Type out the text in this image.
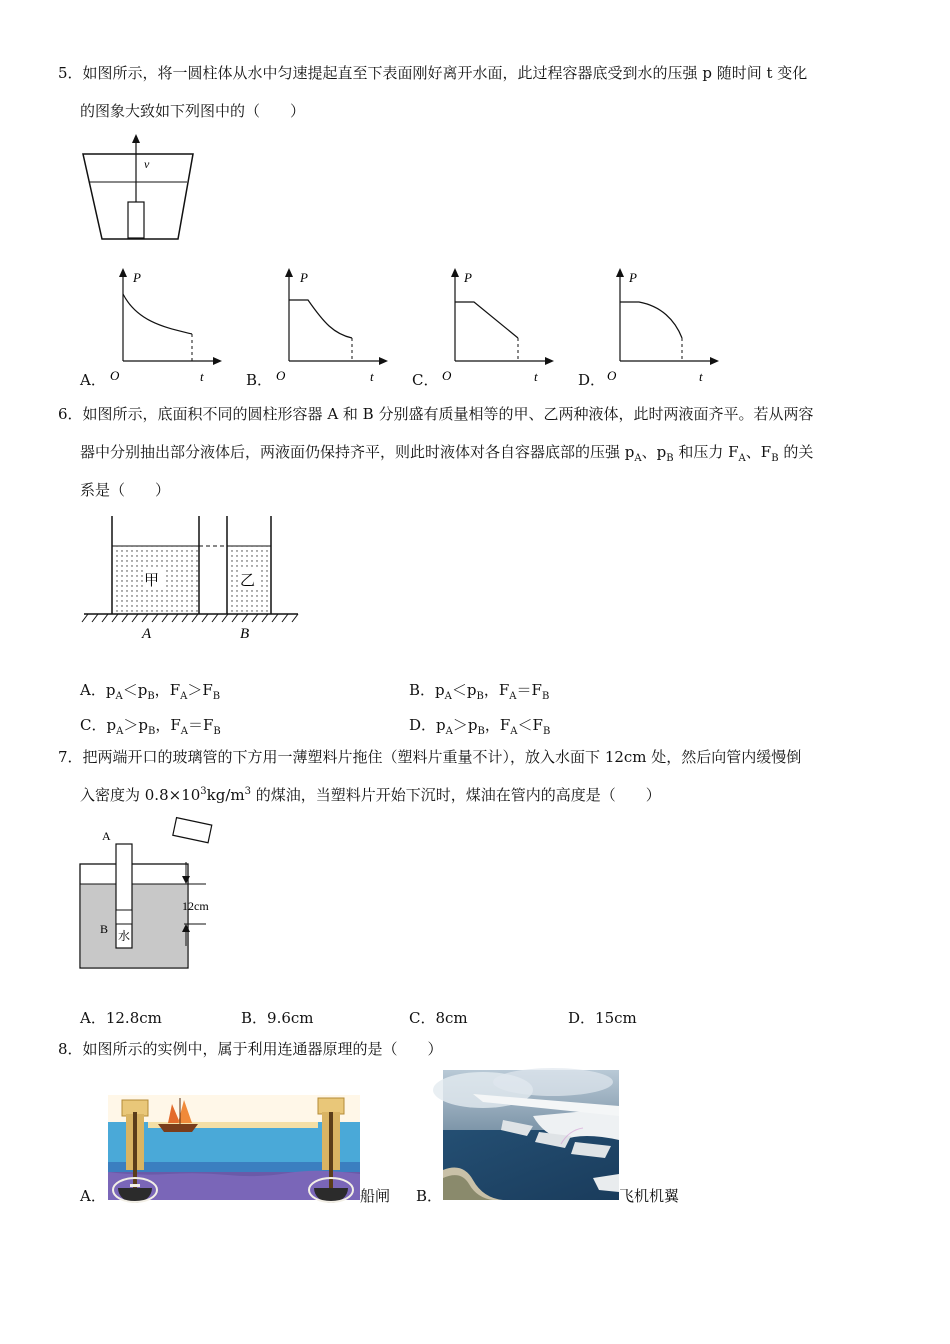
5．如图所示，将一圆柱体从水中匀速提起直至下表面刚好离开水面，此过程容器底受到水的压强 p 随时间 t 变化
的图象大致如下列图中的（　　）
v
A．
P
O	t	B．
P
O	t	C．
P
O	t	D．
P
O	t
6．如图所示，底面积不同的圆柱形容器 A 和 B 分别盛有质量相等的甲、乙两种液体，此时两液面齐平。若从两容
器中分别抽出部分液体后，两液面仍保持齐平，则此时液体对各自容器底部的压强 $p_A$、$p_B$ 和压力 $F_A$、$F_B$ 的关
系是（　　）
甲	乙
A	B
A．$p_A<p_B$，$F_A>F_B$	B．$p_A<p_B$，$F_A=F_B$
C．$p_A>p_B$，$F_A=F_B$	D．$p_A>p_B$，$F_A<F_B$
7．把两端开口的玻璃管的下方用一薄塑料片拖住（塑料片重量不计），放入水面下 12cm 处，然后向管内缓慢倒
入密度为 $0.8\times 10^3kg/m^3$ 的煤油，当塑料片开始下沉时，煤油在管内的高度是（　　）
A
B 水
12cm
A．12.8cm	B．9.6cm	C．8cm	D．15cm
8．如图所示的实例中，属于利用连通器原理的是（　　）
A．	船闸 B．	飞机机翼
